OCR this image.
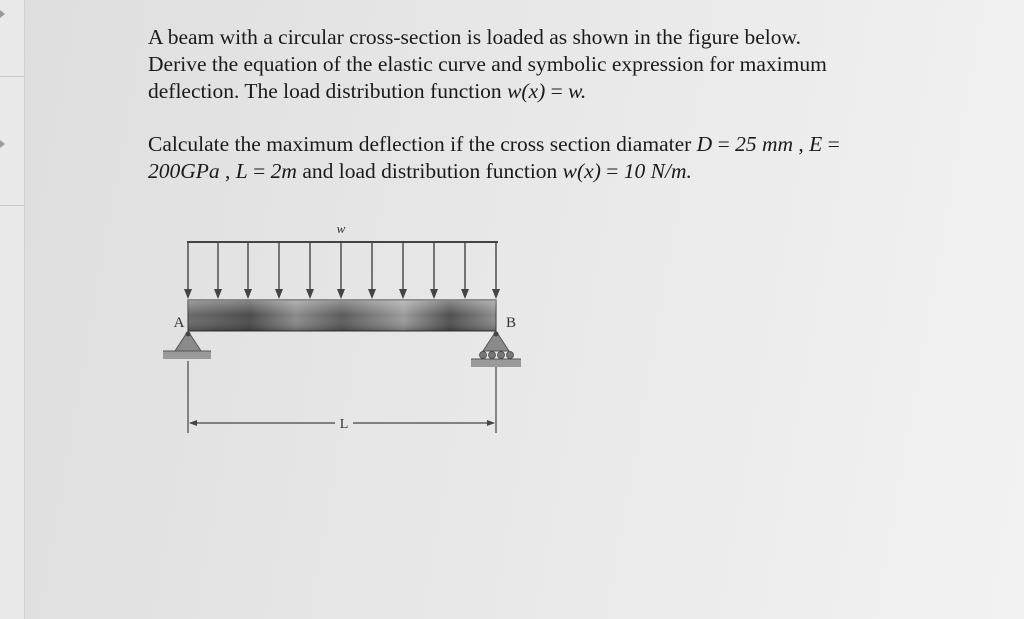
A beam with a circular cross-section is loaded as shown in the figure below.
Derive the equation of the elastic curve and symbolic expression for maximum
deflection. The load distribution function w(x) = w.

Calculate the maximum deflection if the cross section diamater D = 25 mm , E =
200GPa , L = 2m and load distribution function w(x) = 10 N/m.

w
A	B
L
